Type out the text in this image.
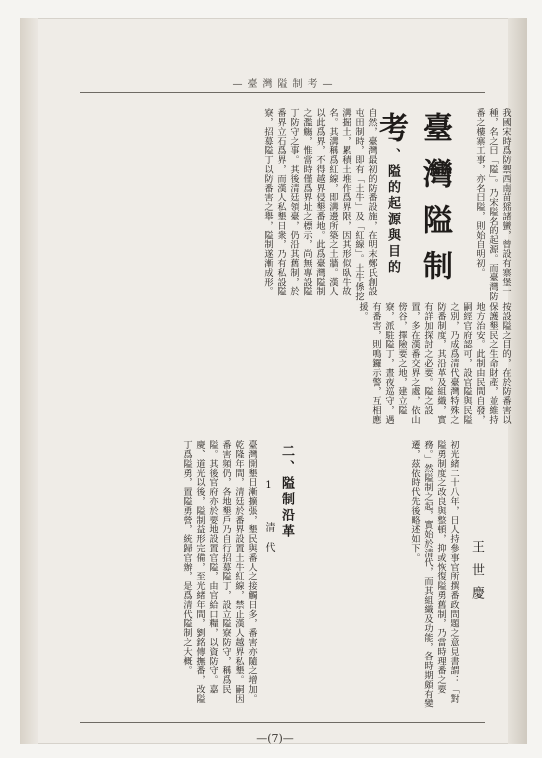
—臺灣隘制考—
臺灣隘制考	我國宋時爲防禦西南苗猺諸蠻，曾設有寨堡一種，名之曰「隘」。乃宋隘名的起源。而臺灣防番之樓寨工事，亦名曰隘，則始自明初。
一、隘的起源與目的
自然，臺灣最初的防番設施，在明末鄭氏創設屯田制時，即有「土牛」及「紅線」。土牛係挖溝掘土，累積土堆作爲界限，因其形似臥牛故名。其溝稱爲紅線，即溝邊所築之土牆。漢人以此爲界，不得越界侵墾番地。此爲臺灣隘制之濫觴，惟當時僅爲界址之標示，尚無專設隘丁防守之事。其後清廷領臺，仍沿其舊制，於番界立石爲界，而漢人私墾日衆，乃有私設隘寮，招募隘丁以防番害之舉，隘制遂漸成形。
按設隘之目的，在於防番害以保護墾民之生命財產，並維持地方治安。此制由民間自發，嗣經官府認可，設官隘與民隘之別，乃成爲清代臺灣特殊之防番制度，其沿革及組織，實有詳加探討之必要。隘之設置，多在漢番交界之處，依山傍谷，擇險要之地，建立隘寮，派駐隘丁，晝夜巡守，遇有番害，則鳴鑼示警，互相應援。
王世慶
初光緒二十八年，日人持參事官所撰番政問題之意見書謂：「對隘勇制度之改良與整頓，抑或恢復隘勇舊制，乃當時理番之要務。」然隘制之起，實始於清代，而其組織及功能，各時期頗有變遷，茲依時代先後略述如下。
二、隘制沿革
1 清代
臺灣開墾日漸擴張，墾民與番人之接觸日多，番害亦隨之增加。乾隆年間，清廷於番界設置土牛紅線，禁止漢人越界私墾。嗣因番害頻仍，各地墾戶乃自行招募隘丁，設立隘寮防守，稱爲民隘。其後官府亦於要地設置官隘，由官給口糧，以資防守。嘉慶、道光以後，隘制益形完備，至光緒年間，劉銘傳撫番，改隘丁爲隘勇，置隘勇營，統歸官辦，是爲清代隘制之大概。
—(7)—
